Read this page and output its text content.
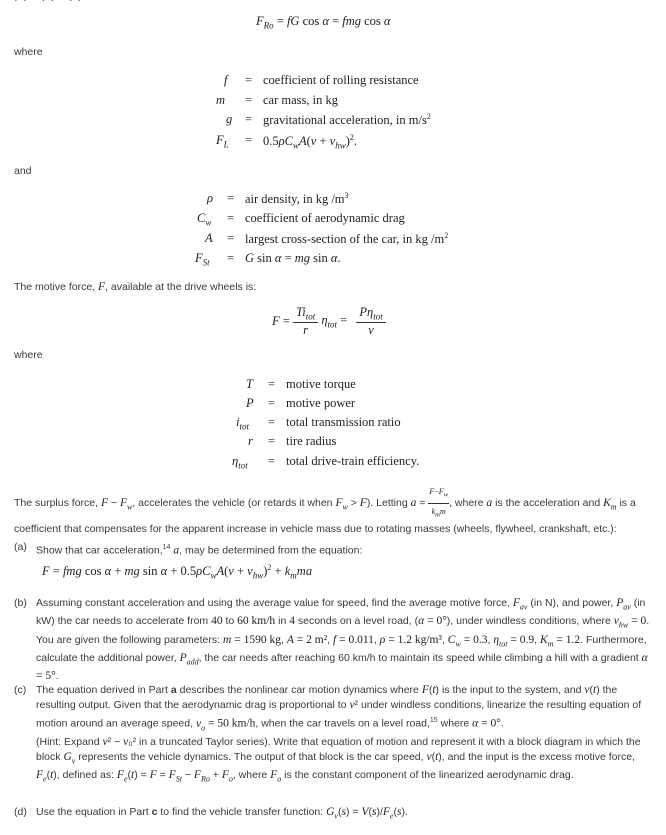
$F_{Ro}$ = fG cos α = fmg cos α
where
f = coefficient of rolling resistance
m = car mass, in kg
g = gravitational acceleration, in $m/s^2$
$F_L = 0.5\rho C_wA(v + v_{hw})^2$.
and
ρ = air density, in kg $/m^3$
$C_w$ = coefficient of aerodynamic drag
A = largest cross-section of the car, in kg $/m^2$
$F_{St} = G$ sin α = mg sin α.
The motive force, F, available at the drive wheels is:
$F = \frac{Ti_{tot}}{r} \eta_{tot} = \frac{P\eta_{tot}}{v}$
where
T = motive torque
P = motive power
$i_{tot}$ = total transmission ratio
r = tire radius
$\eta_{tot}$ = total drive-train efficiency.
The surplus force, $F - F_w$, accelerates the vehicle (or retards it when $F_w > F$). Letting $a = \frac{F-F_w}{k_mm}$ , where a is the acceleration and $K_m$ is a coefficient that compensates for the apparent increase in vehicle mass due to rotating masses (wheels, flywheel, crankshaft, etc.):
(a) Show that car acceleration,$^{14}$ a, may be determined from the equation:
F = fmg cos α + mg $\sin \alpha + 0.5\rho C_wA(v + v_{hw})^2 + k_mma$
(b) Assuming constant acceleration and using the average value for speed, find the average motive force, $F_{av}$ (in N), and power, $P_{av}$ (in kW) the car needs to accelerate from 40 to 60 km/h in 4 seconds on a level road, (α = 0°), under windless conditions, where $v_{hw} = 0$. You are given the following parameters: m = 1590 kg, A = 2 m², f = 0.011, ρ = 1.2 kg/m³, $C_w = 0.3$, $\eta_{tot} = 0.9$, $K_m = 1.2$. Furthermore, calculate the additional power, $P_{add}$, the car needs after reaching 60 km/h to maintain its speed while climbing a hill with a gradient α = 5°.
(c) The equation derived in Part a describes the nonlinear car motion dynamics where F(t) is the input to the system, and v(t) the resulting output. Given that the aerodynamic drag is proportional to v² under windless conditions, linearize the resulting equation of motion around an average speed, $v_o = 50$ km/h, when the car travels on a level road,$^{15}$ where α = 0°.
(Hint: Expand v² − v₀² in a truncated Taylor series). Write that equation of motion and represent it with a block diagram in which the block $G_v$ represents the vehicle dynamics. The output of that block is the car speed, v(t), and the input is the excess motive force, $F_e(t)$, defined as: $F_e(t) = F = F_{St} - F_{Ro} + F_o$, where $F_o$ is the constant component of the linearized aerodynamic drag.
(d) Use the equation in Part c to find the vehicle transfer function: $G_v(s) = V(s)/F_e(s)$.
